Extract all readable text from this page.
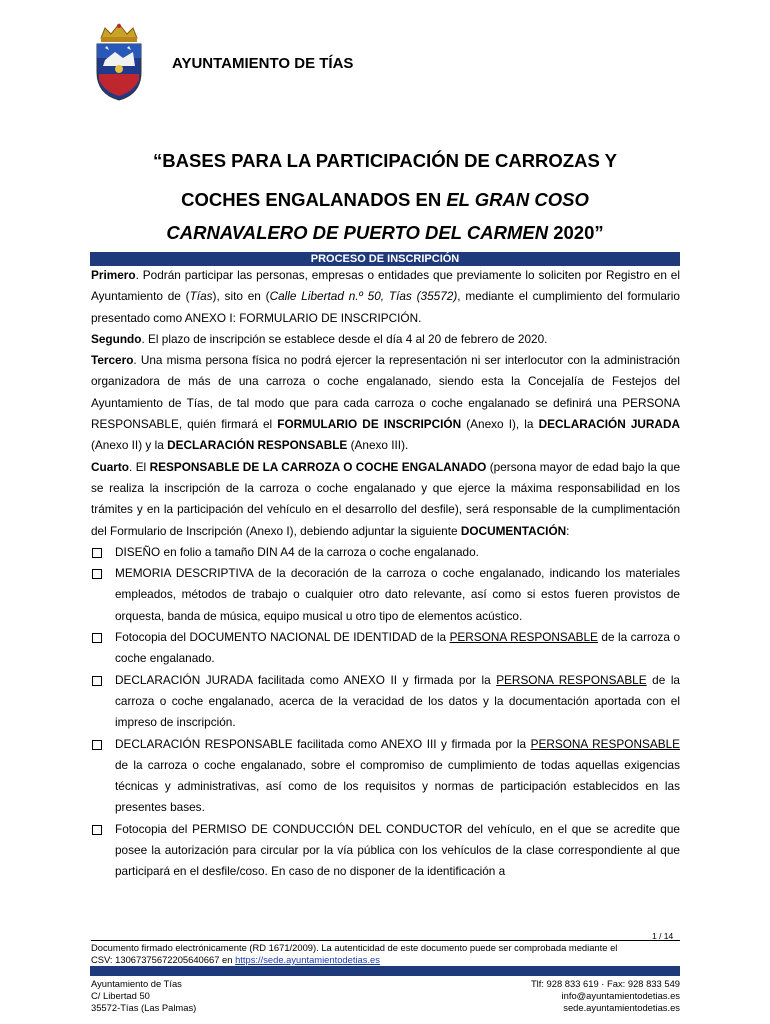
AYUNTAMIENTO DE TÍAS
“BASES PARA LA PARTICIPACIÓN DE CARROZAS Y
COCHES ENGALANADOS EN EL GRAN COSO
CARNAVALERO DE PUERTO DEL CARMEN 2020”
PROCESO DE INSCRIPCIÓN

Primero. Podrán participar las personas, empresas o entidades que previamente lo soliciten por Registro en el Ayuntamiento de (Tías), sito en (Calle Libertad n.º 50, Tías (35572), mediante el cumplimiento del formulario presentado como ANEXO I: FORMULARIO DE INSCRIPCIÓN.

Segundo. El plazo de inscripción se establece desde el día 4 al 20 de febrero de 2020.

Tercero. Una misma persona física no podrá ejercer la representación ni ser interlocutor con la administración organizadora de más de una carroza o coche engalanado, siendo esta la Concejalía de Festejos del Ayuntamiento de Tías, de tal modo que para cada carroza o coche engalanado se definirá una PERSONA RESPONSABLE, quién firmará el FORMULARIO DE INSCRIPCIÓN (Anexo I), la DECLARACIÓN JURADA (Anexo II) y la DECLARACIÓN RESPONSABLE (Anexo III).

Cuarto. El RESPONSABLE DE LA CARROZA O COCHE ENGALANADO (persona mayor de edad bajo la que se realiza la inscripción de la carroza o coche engalanado y que ejerce la máxima responsabilidad en los trámites y en la participación del vehículo en el desarrollo del desfile), será responsable de la cumplimentación del Formulario de Inscripción (Anexo I), debiendo adjuntar la siguiente DOCUMENTACIÓN:

DISEÑO en folio a tamaño DIN A4 de la carroza o coche engalanado.

MEMORIA DESCRIPTIVA de la decoración de la carroza o coche engalanado, indicando los materiales empleados, métodos de trabajo o cualquier otro dato relevante, así como si estos fueren provistos de orquesta, banda de música, equipo musical u otro tipo de elementos acústico.

Fotocopia del DOCUMENTO NACIONAL DE IDENTIDAD de la PERSONA RESPONSABLE de la carroza o coche engalanado.

DECLARACIÓN JURADA facilitada como ANEXO II y firmada por la PERSONA RESPONSABLE de la carroza o coche engalanado, acerca de la veracidad de los datos y la documentación aportada con el impreso de inscripción.

DECLARACIÓN RESPONSABLE facilitada como ANEXO III y firmada por la PERSONA RESPONSABLE de la carroza o coche engalanado, sobre el compromiso de cumplimiento de todas aquellas exigencias técnicas y administrativas, así como de los requisitos y normas de participación establecidos en las presentes bases.

Fotocopia del PERMISO DE CONDUCCIÓN DEL CONDUCTOR del vehículo, en el que se acredite que posee la autorización para circular por la vía pública con los vehículos de la clase correspondiente al que participará en el desfile/coso. En caso de no disponer de la identificación a

1 / 14
Documento firmado electrónicamente (RD 1671/2009). La autenticidad de este documento puede ser comprobada mediante el
CSV: 13067375672205640667 en https://sede.ayuntamientodetias.es
Ayuntamiento de Tías
C/ Libertad 50
35572-Tías (Las Palmas)
Tlf: 928 833 619 · Fax: 928 833 549
info@ayuntamientodetias.es
sede.ayuntamientodetias.es
